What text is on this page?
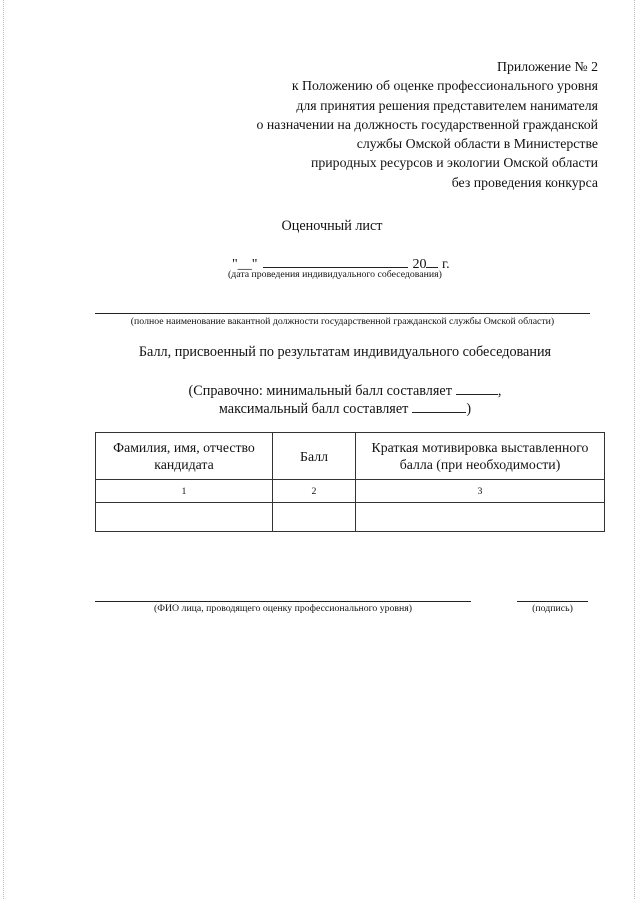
Приложение № 2
к Положению об оценке профессионального уровня
для принятия решения представителем нанимателя
о назначении на должность государственной гражданской
службы Омской области в Министерстве
природных ресурсов и экологии Омской области
без проведения конкурса
Оценочный лист
"__"	20 г.
(дата проведения индивидуального собеседования)
(полное наименование вакантной должности государственной гражданской службы Омской области)
Балл, присвоенный по результатам индивидуального собеседования
(Справочно: минимальный балл составляет	,
максимальный балл составляет	)
Фамилия, имя, отчество кандидата	Балл	Краткая мотивировка выставленного балла (при необходимости)
1	2	3

(ФИО лица, проводящего оценку профессионального уровня)	(подпись)
